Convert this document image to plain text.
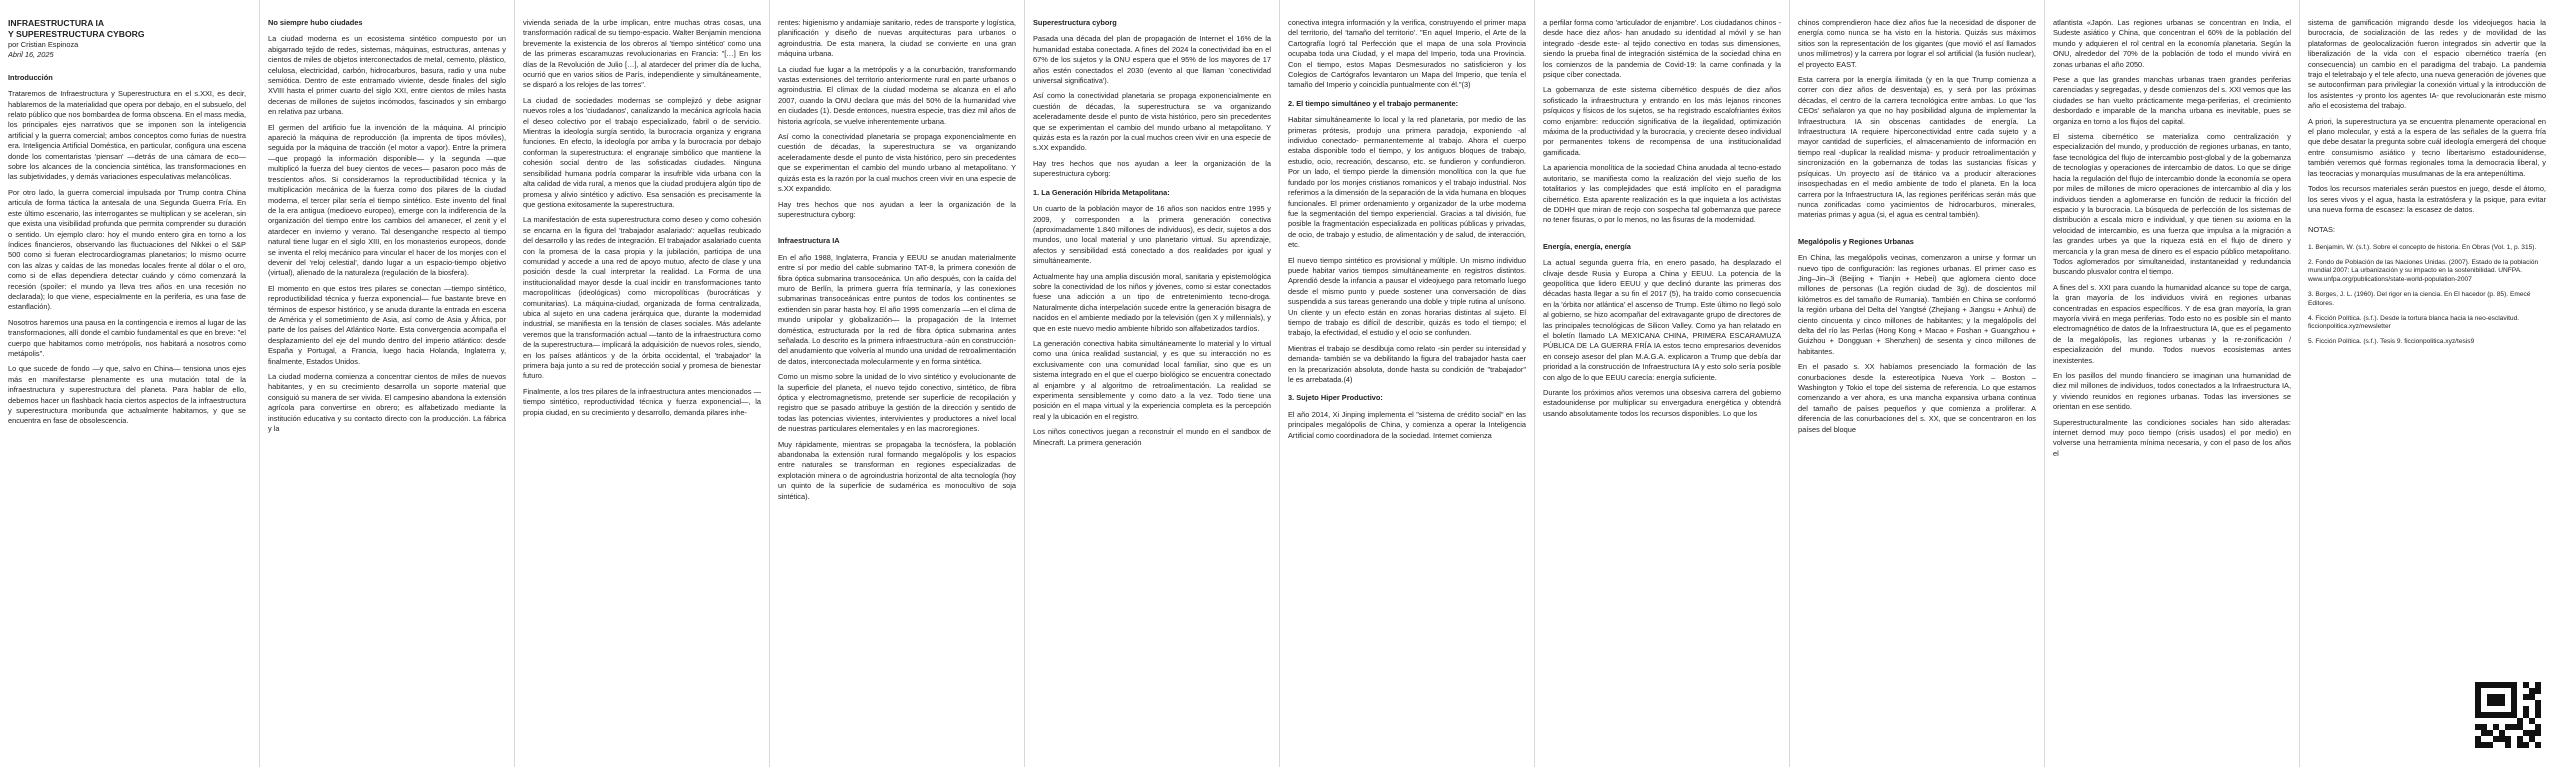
INFRAESTRUCTURA IA
Y SUPERESTRUCTURA CYBORG
por Cristian Espinoza
Abril 16, 2025
Introducción

Trataremos de Infraestructura y Superestructura en el s.XXI, es decir, hablaremos de la materialidad que opera por debajo, en el subsuelo, del relato público que nos bombardea de forma obscena. En el mass media, los principales ejes narrativos que se imponen son la inteligencia artificial y la guerra comercial; ambos conceptos como furias de nuestra era. Inteligencia Artificial Doméstica, en particular, configura una escena donde los comentaristas 'piensan' —detrás de una cámara de eco— sobre los alcances de la conciencia sintética, las transformaciones en las subjetividades, y demás variaciones especulativas melancólicas.

Por otro lado, la guerra comercial impulsada por Trump contra China articula de forma táctica la antesala de una Segunda Guerra Fría. En este último escenario, las interrogantes se multiplican y se aceleran, sin que exista una visibilidad profunda que permita comprender su duración o sentido. Un ejemplo claro: hoy el mundo entero gira en torno a los índices financieros, observando las fluctuaciones del Nikkei o el S&P 500 como si fueran electrocardiogramas planetarios; lo mismo ocurre con las alzas y caídas de las monedas locales frente al dólar o el oro, como si de ellas dependiera detectar cuándo y cómo comenzará la recesión (spoiler: el mundo ya lleva tres años en una recesión no declarada); lo que viene, especialmente en la periferia, es una fase de estanflación).

Nosotros haremos una pausa en la contingencia e iremos al lugar de las transformaciones, allí donde el cambio fundamental es que en breve: "el cuerpo que habitamos como metrópolis, nos habitará a nosotros como metápolis".

Lo que sucede de fondo —y que, salvo en China— tensiona unos ejes más en manifestarse plenamente es una mutación total de la infraestructura y superestructura del planeta. Para hablar de ello, debemos hacer un flashback hacia ciertos aspectos de la infraestructura y superestructura moribunda que actualmente habitamos, y que se encuentra en fase de obsolescencia.

No siempre hubo ciudades

La ciudad moderna es un ecosistema sintético compuesto por un abigarrado tejido de redes, sistemas, máquinas, estructuras, antenas y cientos de miles de objetos interconectados de metal, cemento, plástico, celulosa, electricidad, carbón, hidrocarburos, basura, radio y una nube semiótica. Dentro de este entramado viviente, desde finales del siglo XVIII hasta el primer cuarto del siglo XXI, entre cientos de miles hasta decenas de millones de sujetos incómodos, fascinados y sin embargo en relativa paz urbana.

El germen del artificio fue la invención de la máquina. Al principio apareció la máquina de reproducción (la imprenta de tipos móviles), seguida por la máquina de tracción (el motor a vapor). Entre la primera —que propagó la información disponible— y la segunda —que multiplicó la fuerza del buey cientos de veces— pasaron poco más de trescientos años. Si consideramos la reproductibilidad técnica y la multiplicación mecánica de la fuerza como dos pilares de la ciudad moderna, el tercer pilar sería el tiempo sintético. Este invento del final de la era antigua (medioevo europeo), emerge con la indiferencia de la organización del tiempo entre los cambios del amanecer, el zenit y el atardecer en invierno y verano. Tal desenganche respecto al tiempo natural tiene lugar en el siglo XIII, en los monasterios europeos, donde se inventa el reloj mecánico para vincular el hacer de los monjes con el devenir del 'reloj celestial', dando lugar a un espacio-tiempo objetivo (virtual), alienado de la naturaleza (regulación de la biosfera).

El momento en que estos tres pilares se conectan —tiempo sintético, reproductibilidad técnica y fuerza exponencial— fue bastante breve en términos de espesor histórico, y se anuda durante la entrada en escena de América y el sometimiento de Asia, así como de Asia y África, por parte de los países del Atlántico Norte. Esta convergencia acompaña el desplazamiento del eje del mundo dentro del imperio atlántico: desde España y Portugal, a Francia, luego hacia Holanda, Inglaterra y, finalmente, Estados Unidos.

La ciudad moderna comienza a concentrar cientos de miles de nuevos habitantes, y en su crecimiento desarrolla un soporte material que consiguió su manera de ser vivida. El campesino abandona la extensión agrícola para convertirse en obrero; es alfabetizado mediante la institución educativa y su contacto directo con la producción. La fábrica y la

vivienda seriada de la urbe implican, entre muchas otras cosas, una transformación radical de su tiempo-espacio. Walter Benjamin menciona brevemente la existencia de los obreros al 'tiempo sintético' como una de las primeras escaramuzas revolucionarias en Francia: "[…] En los días de la Revolución de Julio […], al atardecer del primer día de lucha, ocurrió que en varios sitios de París, independiente y simultáneamente, se disparó a los relojes de las torres".

La ciudad de sociedades modernas se complejizó y debe asignar nuevos roles a los 'ciudadanos', canalizando la mecánica agrícola hacia el deseo colectivo por el trabajo especializado, fabril o de servicio. Mientras la ideología surgía sentido, la burocracia organiza y engrana funciones. En efecto, la ideología por arriba y la burocracia por debajo conforman la superestructura: el engranaje simbólico que mantiene la cohesión social dentro de las sofisticadas ciudades. Ninguna sensibilidad humana podría comparar la insufrible vida urbana con la alta calidad de vida rural, a menos que la ciudad produjera algún tipo de promesa y alivio sintético y adictivo. Esa sensación es precisamente la que gestiona exitosamente la superestructura.

La manifestación de esta superestructura como deseo y como cohesión se encarna en la figura del 'trabajador asalariado': aquellas reubicado del desarrollo y las redes de integración. El trabajador asalariado cuenta con la promesa de la casa propia y la jubilación, participa de una comunidad y accede a una red de apoyo mutuo, afecto de clase y una posición desde la cual interpretar la realidad. La Forma de una institucionalidad mayor desde la cual incidir en transformaciones tanto macropolíticas (ideológicas) como micropolíticas (burocráticas y comunitarias). La máquina-ciudad, organizada de forma centralizada, ubica al sujeto en una cadena jerárquica que, durante la modernidad industrial, se manifiesta en la tensión de clases sociales. Más adelante veremos que la transformación actual —tanto de la infraestructura como de la superestructura— implicará la adquisición de nuevos roles, siendo, en los países atlánticos y de la órbita occidental, el 'trabajador' la primera baja junto a su red de protección social y promesa de bienestar futuro.

Finalmente, a los tres pilares de la infraestructura antes mencionados —tiempo sintético, reproductividad técnica y fuerza exponencial—, la propia ciudad, en su crecimiento y desarrollo, demanda pilares inhe-

rentes: higienismo y andamiaje sanitario, redes de transporte y logística, planificación y diseño de nuevas arquitecturas para urbanos o agroindustria. De esta manera, la ciudad se convierte en una gran máquina urbana.

La ciudad fue lugar a la metrópolis y a la conurbación, transformando vastas extensiones del territorio anteriormente rural en parte urbanos o agroindustria. El clímax de la ciudad moderna se alcanza en el año 2007, cuando la ONU declara que más del 50% de la humanidad vive en ciudades (1). Desde entonces, nuestra especie, tras diez mil años de historia agrícola, se vuelve inherentemente urbana.

Así como la conectividad planetaria se propaga exponencialmente en cuestión de décadas, la superestructura se va organizando aceleradamente desde el punto de vista histórico, pero sin precedentes que se experimentan el cambio del mundo urbano al metapolitano. Y quizás esta es la razón por la cual muchos creen vivir en una especie de s.XX expandido.

Hay tres hechos que nos ayudan a leer la organización de la superestructura cyborg:

Infraestructura IA

En el año 1988, Inglaterra, Francia y EEUU se anudan materialmente entre sí por medio del cable submarino TAT-8, la primera conexión de fibra óptica submarina transoceánica. Un año después, con la caída del muro de Berlín, la primera guerra fría terminaría, y las conexiones submarinas transoceánicas entre puntos de todos los continentes se extienden sin parar hasta hoy. El año 1995 comenzaría —en el clima de mundo unipolar y globalización— la propagación de la Internet doméstica, estructurada por la red de fibra óptica submarina antes señalada. Lo descrito es la primera infraestructura -aún en construcción- del anudamiento que volvería al mundo una unidad de retroalimentación de datos, interconectada molecularmente y en forma sintética.

Como un mismo sobre la unidad de lo vivo sintético y evolucionante de la superficie del planeta, el nuevo tejido conectivo, sintético, de fibra óptica y electromagnetismo, pretende ser superficie de recopilación y registro que se pasado atribuye la gestión de la dirección y sentido de todas las potencias vivientes, intervivientes y productores a nivel local de nuestras particulares elementales y en las macroregiones.

Muy rápidamente, mientras se propagaba la tecnósfera, la población abandonaba la extensión rural formando megalópolis y los espacios entre naturales se transforman en regiones especializadas de explotación minera o de agroindustria horizontal de alta tecnología (hoy un quinto de la superficie de sudamérica es monocultivo de soja sintética).

Superestructura cyborg

Pasada una década del plan de propagación de Internet el 16% de la humanidad estaba conectada. A fines del 2024 la conectividad iba en el 67% de los sujetos y la ONU espera que el 95% de los mayores de 17 años estén conectados el 2030 (evento al que llaman 'conectividad universal significativa').

Así como la conectividad planetaria se propaga exponencialmente en cuestión de décadas, la superestructura se va organizando aceleradamente desde el punto de vista histórico, pero sin precedentes que se experimentan el cambio del mundo urbano al metapolitano. Y quizás esta es la razón por la cual muchos creen vivir en una especie de s.XX expandido.

Hay tres hechos que nos ayudan a leer la organización de la superestructura cyborg:

1. La Generación Híbrida Metapolitana:

Un cuarto de la población mayor de 16 años son nacidos entre 1995 y 2009, y corresponden a la primera generación conectiva (aproximadamente 1.840 millones de individuos), es decir, sujetos a dos mundos, uno local material y uno planetario virtual. Su aprendizaje, afectos y sensibilidad está conectado a dos realidades por igual y simultáneamente.

Actualmente hay una amplia discusión moral, sanitaria y epistemológica sobre la conectividad de los niños y jóvenes, como si estar conectados fuese una adicción a un tipo de entretenimiento tecno-droga. Naturalmente dicha interpelación sucede entre la generación bisagra de nacidos en el ambiente mediado por la televisión (gen X y millennials), y que en este nuevo medio ambiente híbrido son alfabetizados tardíos.

La generación conectiva habita simultáneamente lo material y lo virtual como una única realidad sustancial, y es que su interacción no es exclusivamente con una comunidad local familiar, sino que es un sistema integrado en el que el cuerpo biológico se encuentra conectado al enjambre y al algoritmo de retroalimentación. La realidad se experimenta sensiblemente y como dato a la vez. Todo tiene una posición en el mapa virtual y la experiencia completa es la percepción real y la ubicación en el registro.

Los niños conectivos juegan a reconstruir el mundo en el sandbox de Minecraft. La primera generación

conectiva integra información y la verifica, construyendo el primer mapa del territorio, del 'tamaño del territorio'. "En aquel Imperio, el Arte de la Cartografía logró tal Perfección que el mapa de una sola Provincia ocupaba toda una Ciudad, y el mapa del Imperio, toda una Provincia. Con el tiempo, estos Mapas Desmesurados no satisficieron y los Colegios de Cartógrafos levantaron un Mapa del Imperio, que tenía el tamaño del Imperio y coincidía puntualmente con él."(3)

2. El tiempo simultáneo y el trabajo permanente:

Habitar simultáneamente lo local y la red planetaria, por medio de las primeras prótesis, produjo una primera paradoja, exponiendo -al individuo conectado- permanentemente al trabajo. Ahora el cuerpo estaba disponible todo el tiempo, y los antiguos bloques de trabajo, estudio, ocio, recreación, descanso, etc. se fundieron y confundieron. Por un lado, el tiempo pierde la dimensión monolítica con la que fue fundado por los monjes cristianos romanicos y el trabajo industrial. Nos referimos a la dimensión de la separación de la vida humana en bloques funcionales. El primer ordenamiento y organizador de la urbe moderna fue la segmentación del tiempo experiencial. Gracias a tal división, fue posible la fragmentación especializada en políticas públicas y privadas, de ocio, de trabajo y estudio, de alimentación y de salud, de interacción, etc.

El nuevo tiempo sintético es provisional y múltiple. Un mismo individuo puede habitar varios tiempos simultáneamente en registros distintos. Aprendió desde la infancia a pausar el videojuego para retomarlo luego desde el mismo punto y puede sostener una conversación de dias suspendida a sus tareas generando una doble y triple rutina al unísono. Un cliente y un efecto están en zonas horarias distintas al sujeto. El tiempo de trabajo es difícil de describir, quizás es todo el tiempo; el trabajo, la efectividad, el estudio y el ocio se confunden.

Mientras el trabajo se desdibuja como relato -sin perder su intensidad y demanda- también se va debilitando la figura del trabajador hasta caer en la precarización absoluta, donde hasta su condición de "trabajador" le es arrebatada.(4)

3. Sujeto Hiper Productivo:

El año 2014, Xi Jinping implementa el "sistema de crédito social" en las principales megalópolis de China, y comienza a operar la Inteligencia Artificial como coordinadora de la sociedad. Internet comienza

a perfilar forma como 'articulador de enjambre'. Los ciudadanos chinos -desde hace diez años- han anudado su identidad al móvil y se han integrado -desde este- al tejido conectivo en todas sus dimensiones, siendo la prueba final de integración sistémica de la sociedad china en los comienzos de la pandemia de Covid-19: la carne confinada y la psique cíber conectada.

La gobernanza de este sistema cibernético después de diez años sofisticado la infraestructura y entrando en los más lejanos rincones psíquicos y físicos de los sujetos, se ha registrado escalofriantes éxitos como enjambre: reducción significativa de la ilegalidad, optimización máxima de la productividad y la burocracia, y creciente deseo individual por permanentes tokens de recompensa de una institucionalidad gamificada.

La apariencia monolítica de la sociedad China anudada al tecno-estado autoritario, se manifiesta como la realización del viejo sueño de los totalitarios y las complejidades que está implícito en el paradigma cibernético. Esta aparente realización es la que inquieta a los activistas de DDHH que miran de reojo con sospecha tal gobernanza que parece no tener fisuras, o por lo menos, no las fisuras de la modernidad.

Energía, energía, energía

La actual segunda guerra fría, en enero pasado, ha desplazado el clivaje desde Rusia y Europa a China y EEUU. La potencia de la geopolítica que lidero EEUU y que declinó durante las primeras dos décadas hasta llegar a su fin el 2017 (5), ha traído como consecuencia en la 'órbita nor atlántica' el ascenso de Trump. Este último no llegó solo al gobierno, se hizo acompañar del extravagante grupo de directores de las principales tecnológicas de Silicon Valley. Como ya han relatado en el boletín llamado LA MEXICANA CHINA, PRIMERA ESCARAMUZA PÚBLICA DE LA GUERRA FRÍA IA estos tecno empresarios devenidos en consejo asesor del plan M.A.G.A. explicaron a Trump que debía dar prioridad a la construcción de Infraestructura IA y esto solo sería posible con algo de lo que EEUU carecía: energía suficiente.

Durante los próximos años veremos una obsesiva carrera del gobierno estadounidense por multiplicar su envergadura energética y obtendrá usando absolutamente todos los recursos disponibles. Lo que los

chinos comprendieron hace diez años fue la necesidad de disponer de energía como nunca se ha visto en la historia. Quizás sus máximos sitios son la representación de los gigantes (que movió el así llamados unos milímetros) y la carrera por lograr el sol artificial (la fusión nuclear), el proyecto EAST.

Esta carrera por la energía ilimitada (y en la que Trump comienza a correr con diez años de desventaja) es, y será por las próximas décadas, el centro de la carrera tecnológica entre ambas. Lo que 'los CEOs' señalaron ya que no hay posibilidad alguna de implementar la Infraestructura IA sin obscenas cantidades de energía. La Infraestructura IA requiere hiperconectividad entre cada sujeto y a mayor cantidad de superficies, el almacenamiento de información en tiempo real -duplicar la realidad misma- y producir retroalimentación y sincronización en la gobernanza de todas las sustancias físicas y psíquicas. Un proyecto así de titánico va a producir alteraciones insospechadas en el medio ambiente de todo el planeta. En la loca carrera por la Infraestructura IA, las regiones periféricas serán más que nunca zonificadas como yacimientos de hidrocarburos, minerales, materias primas y agua (si, el agua es central también).

Megalópolis y Regiones Urbanas

En China, las megalópolis vecinas, comenzaron a unirse y formar un nuevo tipo de configuración: las regiones urbanas. El primer caso es Jing–Jin–Ji (Beijing + Tianjin + Hebei) que aglomera ciento doce millones de personas (La región ciudad de 3g). de doscientos mil kilómetros es del tamaño de Rumania). También en China se conformó la región urbana del Delta del Yangtsé (Zhejiang + Jiangsu + Anhui) de ciento cincuenta y cinco millones de habitantes; y la megalópolis del delta del río las Perlas (Hong Kong + Macao + Foshan + Guangzhou + Guizhou + Dongguan + Shenzhen) de sesenta y cinco millones de habitantes.

En el pasado s. XX habíamos presenciado la formación de las conurbaciones desde la estereotípica Nueva York – Boston – Washington y Tokio el tope del sistema de referencia. Lo que estamos comenzando a ver ahora, es una mancha expansiva urbana continua del tamaño de países pequeños y que comienza a proliferar. A diferencia de las conurbaciones del s. XX, que se concentraron en los países del bloque

atlantista «Japón. Las regiones urbanas se concentran en India, el Sudeste asiático y China, que concentran el 60% de la población del mundo y adquieren el rol central en la economía planetaria. Según la ONU, alrededor del 70% de la población de todo el mundo vivirá en zonas urbanas el año 2050.

Pese a que las grandes manchas urbanas traen grandes periferias carenciadas y segregadas, y desde comienzos del s. XXI vemos que las ciudades se han vuelto prácticamente mega-periferias, el crecimiento desbordado e imparable de la mancha urbana es inevitable, pues se organiza en torno a los flujos del capital.

El sistema cibernético se materializa como centralización y especialización del mundo, y producción de regiones urbanas, en tanto, fase tecnológica del flujo de intercambio post-global y de la gobernanza de tecnologías y operaciones de intercambio de datos. Lo que se dirige hacia la regulación del flujo de intercambio donde la economía se opera por miles de millones de micro operaciones de intercambio al día y los individuos tienden a aglomerarse en función de reducir la fricción del espacio y la burocracia. La búsqueda de perfección de los sistemas de distribución a escala micro e individual, y que tienen su axioma en la velocidad de intercambio, es una fuerza que impulsa a la migración a las grandes urbes ya que la riqueza está en el flujo de dinero y mercancía y la gran mesa de dinero es el espacio público metapolitano. Todos aglomerados por simultaneidad, instantaneidad y redundancia buscando plusvalor contra el tiempo.

A fines del s. XXI para cuando la humanidad alcance su tope de carga, la gran mayoría de los individuos vivirá en regiones urbanas concentradas en espacios específicos. Y de esa gran mayoría, la gran mayoría vivirá en mega periferias. Todo esto no es posible sin el manto electromagnético de datos de la Infraestructura IA, que es el pegamento de la megalópolis, las regiones urbanas y la re-zonificación / especialización del mundo. Todos nuevos ecosistemas antes inexistentes.

En los pasillos del mundo financiero se imaginan una humanidad de diez mil millones de individuos, todos conectados a la Infraestructura IA, y viviendo reunidos en regiones urbanas. Todas las inversiones se orientan en ese sentido.

Superestructuralmente las condiciones sociales han sido alteradas: internet dernod muy poco tiempo (crisis usados) el por medio) en volverse una herramienta mínima necesaria, y con el paso de los años el

sistema de gamificación migrando desde los videojuegos hacia la burocracia, de socialización de las redes y de movilidad de las plataformas de geolocalización fueron integrados sin advertir que la liberalización de la vida con el espacio cibernético traería (en consecuencia) un cambio en el paradigma del trabajo. La pandemia trajo el teletrabajo y el tele afecto, una nueva generación de jóvenes que se autoconfirman para privilegiar la conexión virtual y la introducción de los asistentes -y pronto los agentes IA- que revolucionarán este mismo año el ecosistema del trabajo.

A priori, la superestructura ya se encuentra plenamente operacional en el plano molecular, y está a la espera de las señales de la guerra fría que debe desatar la pregunta sobre cuál ideología emergerá del choque entre consumismo asiático y tecno libertarismo estadounidense, también veremos qué formas regionales toma la democracia liberal, y las teocracias y monarquías musulmanas de la era antepenúltima.

Todos los recursos materiales serán puestos en juego, desde el átomo, los seres vivos y el agua, hasta la estratósfera y la psique, para evitar una nueva forma de escasez: la escasez de datos.

NOTAS:

1. Benjamin, W. (s.f.). Sobre el concepto de historia. En Obras (Vol. 1, p. 315).

2. Fondo de Población de las Naciones Unidas. (2007). Estado de la población mundial 2007: La urbanización y su impacto en la sostenibilidad. UNFPA. www.unfpa.org/publications/state-world-population-2007

3. Borges, J. L. (1960). Del rigor en la ciencia. En El hacedor (p. 85). Emecé Editores.

4. Ficción Política. (s.f.). Desde la tortura blanca hacia la neo-esclavitud. ficcionpolitica.xyz/newsletter

5. Ficción Política. (s.f.). Tesis 9. ficcionpolitica.xyz/tesis9
